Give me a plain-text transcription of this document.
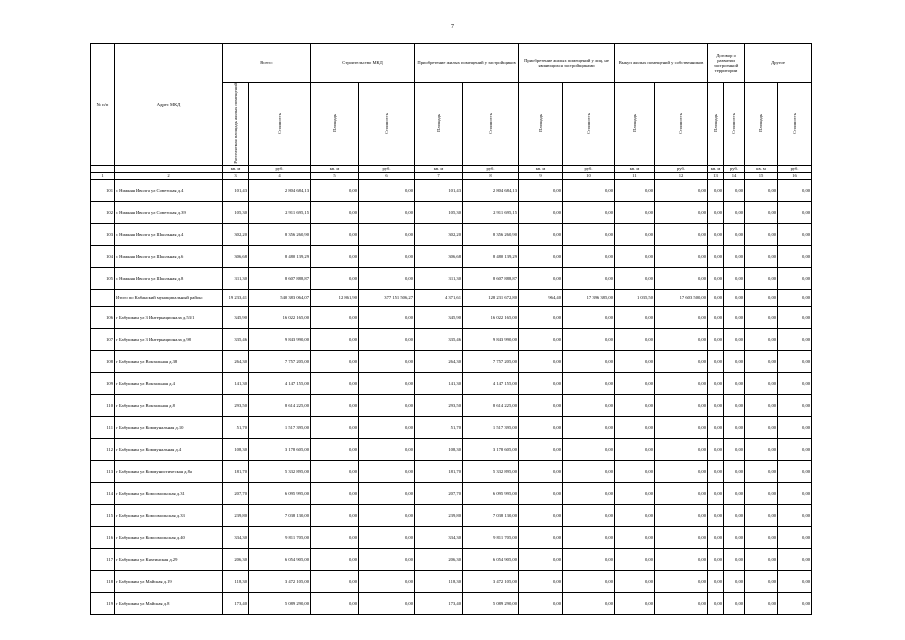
7
№ п/п	Адрес МКД	Всего:		Строительство МКД		Приобретение жилых помещений у застройщиков		Приобретение жилых помещений у лиц, не являющихся застройщиками		Выкуп жилых помещений у собственников		Договор о развитии застроенной территории		Другое	
		Расселяемая площадь жилых помещений	Стоимость	Площадь	Стоимость	Площадь	Стоимость	Площадь	Стоимость	Площадь	Стоимость	Площадь	Стоимость	Площадь	Стоимость
		кв. м	руб.	кв. м	руб.	кв. м	руб.	кв. м	руб.	кв. м	руб.	кв. м	руб.	кв. м	руб.
1	2	3	4	5	6	7	8	9	10	11	12	13	14	15	16
101	с Нижняя Иволга ул Советская д.4	101,43	2 804 684,13	0,00	0,00	101,43	2 804 684,13	0,00	0,00	0,00	0,00	0,00	0,00	0,00	0,00
102	с Нижняя Иволга ул Советская д.39	105,30	2 911 695,15	0,00	0,00	105,30	2 911 695,15	0,00	0,00	0,00	0,00	0,00	0,00	0,00	0,00
103	с Нижняя Иволга ул Школьная д.4	302,20	8 356 260,90	0,00	0,00	302,20	8 356 260,90	0,00	0,00	0,00	0,00	0,00	0,00	0,00	0,00
104	с Нижняя Иволга ул Школьная д.6	306,68	8 480 139,29	0,00	0,00	306,68	8 480 139,29	0,00	0,00	0,00	0,00	0,00	0,00	0,00	0,00
105	с Нижняя Иволга ул Школьная д.8	311,30	8 607 888,87	0,00	0,00	311,30	8 607 888,87	0,00	0,00	0,00	0,00	0,00	0,00	0,00	0,00
	Итого по Кабанский муниципальный район:	19 233,41	540 383 064,07	12 861,90	377 151 506,27	4 371,61	128 231 672,80	964,40	17 396 385,00	1 035,50	17 603 500,00	0,00	0,00	0,00	0,00
106	г Бабушкин ул 3 Интернационала д.53/1	345,90	16 022 165,00	0,00	0,00	345,90	16 022 165,00	0,00	0,00	0,00	0,00	0,00	0,00	0,00	0,00
107	г Бабушкин ул 3 Интернационала д.98	335,46	9 843 990,00	0,00	0,00	335,46	9 843 990,00	0,00	0,00	0,00	0,00	0,00	0,00	0,00	0,00
108	г Бабушкин ул Вокзальная д.38	264,30	7 757 205,00	0,00	0,00	264,30	7 757 205,00	0,00	0,00	0,00	0,00	0,00	0,00	0,00	0,00
109	г Бабушкин ул Вокзальная д.4	141,30	4 147 155,00	0,00	0,00	141,30	4 147 155,00	0,00	0,00	0,00	0,00	0,00	0,00	0,00	0,00
110	г Бабушкин ул Вокзальная д.8	293,50	8 614 225,00	0,00	0,00	293,50	8 614 225,00	0,00	0,00	0,00	0,00	0,00	0,00	0,00	0,00
111	г Бабушкин ул Коммунальная д.10	51,70	1 517 395,00	0,00	0,00	51,70	1 517 395,00	0,00	0,00	0,00	0,00	0,00	0,00	0,00	0,00
112	г Бабушкин ул Коммунальная д.4	108,30	3 178 605,00	0,00	0,00	108,30	3 178 605,00	0,00	0,00	0,00	0,00	0,00	0,00	0,00	0,00
113	г Бабушкин ул Коммунистическая д.8а	181,70	5 332 895,00	0,00	0,00	181,70	5 332 895,00	0,00	0,00	0,00	0,00	0,00	0,00	0,00	0,00
114	г Бабушкин ул Комсомольская д.31	207,70	6 095 995,00	0,00	0,00	207,70	6 095 995,00	0,00	0,00	0,00	0,00	0,00	0,00	0,00	0,00
115	г Бабушкин ул Комсомольская д.33	239,80	7 038 130,00	0,00	0,00	239,80	7 038 130,00	0,00	0,00	0,00	0,00	0,00	0,00	0,00	0,00
116	г Бабушкин ул Комсомольская д.40	334,30	9 811 705,00	0,00	0,00	334,30	9 811 705,00	0,00	0,00	0,00	0,00	0,00	0,00	0,00	0,00
117	г Бабушкин ул Кяхтинская д.29	206,30	6 054 905,00	0,00	0,00	206,30	6 054 905,00	0,00	0,00	0,00	0,00	0,00	0,00	0,00	0,00
118	г Бабушкин ул Майская д.19	118,30	3 472 105,00	0,00	0,00	118,30	3 472 105,00	0,00	0,00	0,00	0,00	0,00	0,00	0,00	0,00
119	г Бабушкин ул Майская д.8	173,40	5 089 290,00	0,00	0,00	173,40	5 089 290,00	0,00	0,00	0,00	0,00	0,00	0,00	0,00	0,00
